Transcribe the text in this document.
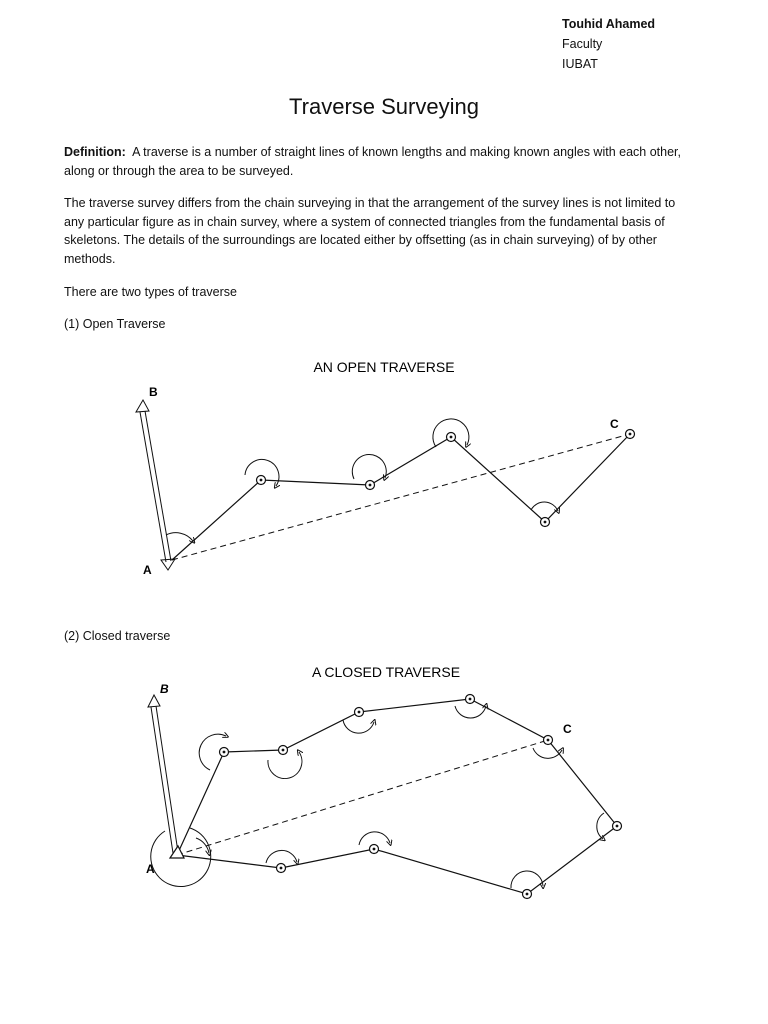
Touhid Ahamed
Faculty
IUBAT
Traverse Surveying
Definition: A traverse is a number of straight lines of known lengths and making known angles with each other, along or through the area to be surveyed.
The traverse survey differs from the chain surveying in that the arrangement of the survey lines is not limited to any particular figure as in chain survey, where a system of connected triangles from the fundamental basis of skeletons. The details of the surroundings are located either by offsetting (as in chain surveying) of by other methods.
There are two types of traverse
(1) Open Traverse
(2) Closed traverse
AN OPEN TRAVERSE
B
A
C
A CLOSED TRAVERSE
B
A
C
